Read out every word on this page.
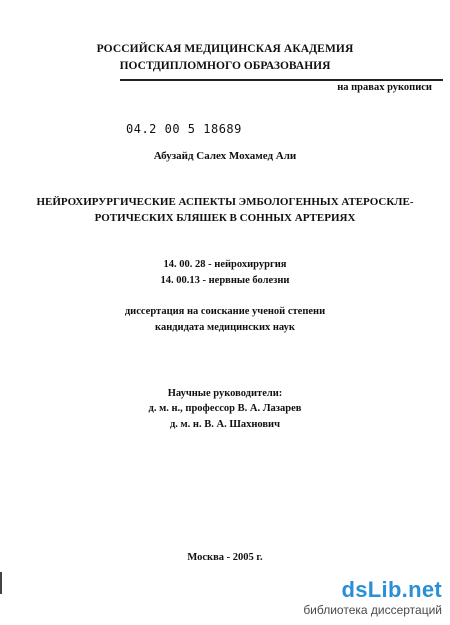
РОССИЙСКАЯ МЕДИЦИНСКАЯ АКАДЕМИЯ
ПОСТДИПЛОМНОГО ОБРАЗОВАНИЯ
на правах рукописи
04.2 00 5 18689
Абузайд Салех Мохамед Али
НЕЙРОХИРУРГИЧЕСКИЕ АСПЕКТЫ ЭМБОЛОГЕННЫХ АТЕРОСКЛЕ-
РОТИЧЕСКИХ БЛЯШЕК В СОННЫХ АРТЕРИЯХ
14. 00. 28 - нейрохирургия
14. 00.13 - нервные болезни
диссертация на соискание ученой степени
кандидата медицинских наук
Научные руководители:
д. м. н., профессор В. А. Лазарев
д. м. н. В. А. Шахнович
Москва - 2005 г.
dsLib.net
библиотека диссертаций
